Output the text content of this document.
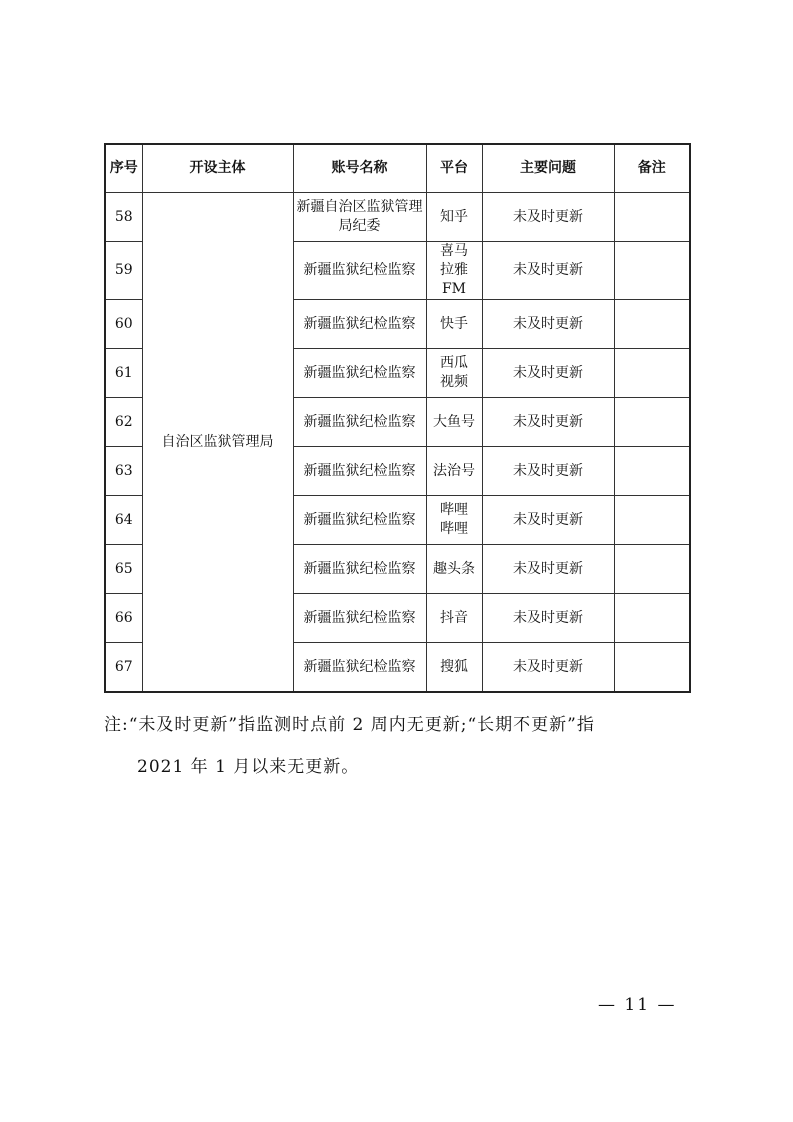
序号	开设主体	账号名称	平台	主要问题	备注
58	自治区监狱管理局	新疆自治区监狱管理局纪委	知乎	未及时更新	
59		新疆监狱纪检监察	喜马拉雅FM	未及时更新	
60		新疆监狱纪检监察	快手	未及时更新	
61		新疆监狱纪检监察	西瓜视频	未及时更新	
62		新疆监狱纪检监察	大鱼号	未及时更新	
63		新疆监狱纪检监察	法治号	未及时更新	
64		新疆监狱纪检监察	哔哩哔哩	未及时更新	
65		新疆监狱纪检监察	趣头条	未及时更新	
66		新疆监狱纪检监察	抖音	未及时更新	
67		新疆监狱纪检监察	搜狐	未及时更新	
注:“未及时更新”指监测时点前 2 周内无更新;“长期不更新”指
2021 年 1 月以来无更新。
— 11 —
